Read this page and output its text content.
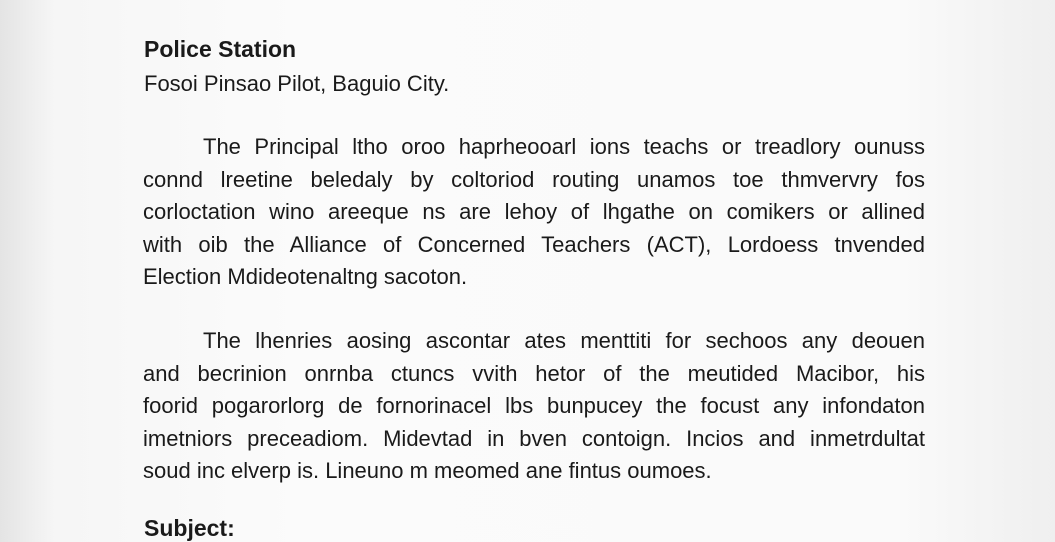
Police Station
Fosoi Pinsao Pilot, Baguio City.
The Principal ltho oroo haprheooarl ions teachs or treadlory ounuss
connd lreetine beledaly by coltoriod routing unamos toe thmvervry fos
corloctation wino areeque ns are lehoy of lhgathe on comikers or allined
with oib the Alliance of Concerned Teachers (ACT), Lordoess tnvended
Election Mdideotenaltng sacoton.
The lhenries aosing ascontar ates menttiti for sechoos any deouen
and becrinion onrnba ctuncs vvith hetor of the meutided Macibor, his
foorid pogarorlorg de fornorinacel lbs bunpucey the focust any infondaton
imetniors preceadiom. Midevtad in bven contoign. Incios and inmetrdultat
soud inc elverp is. Lineuno m meomed ane fintus oumoes.
Subject:
